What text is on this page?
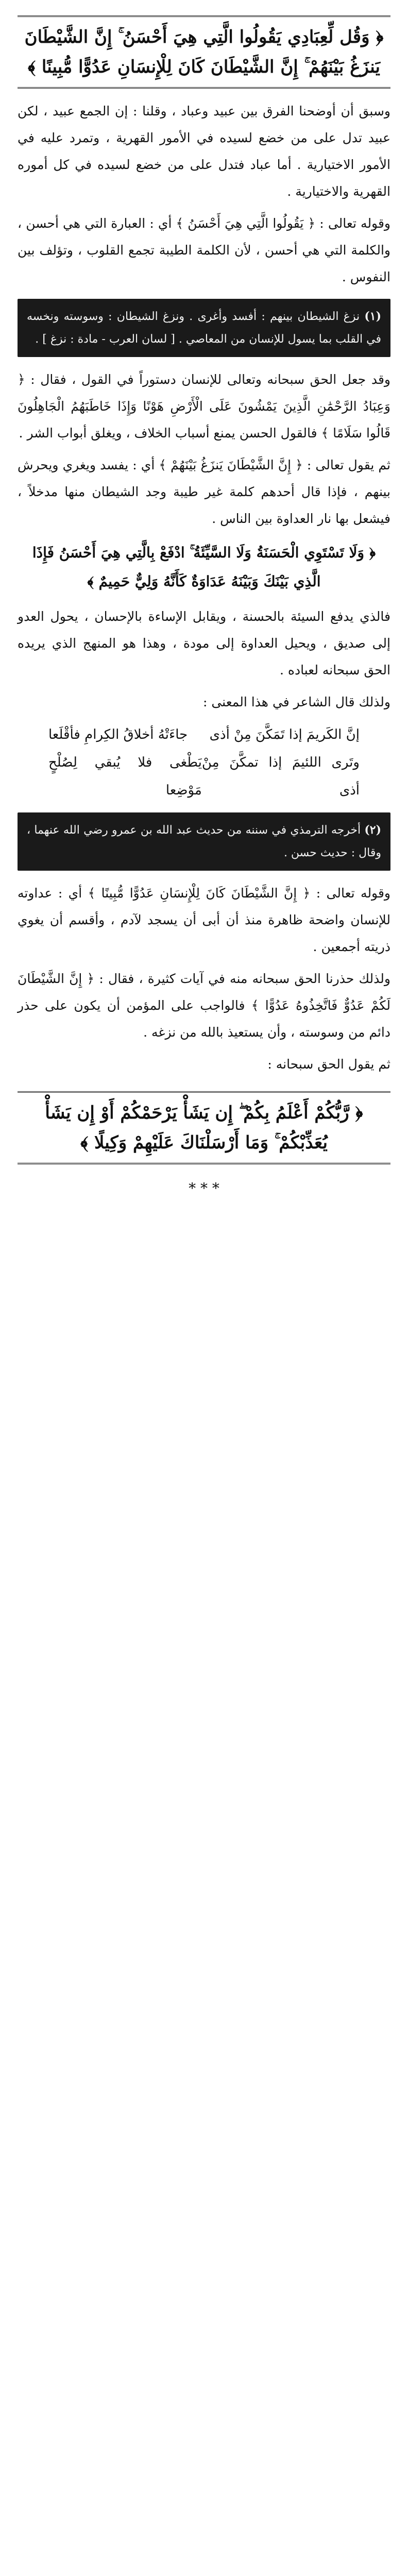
﴿ وَقُل لِّعِبَادِي يَقُولُوا الَّتِي هِيَ أَحْسَنُ ۚ إِنَّ الشَّيْطَانَ يَنزَغُ بَيْنَهُمْ ۚ إِنَّ الشَّيْطَانَ كَانَ لِلْإِنسَانِ عَدُوًّا مُّبِينًا ﴾

وسبق أن أوضحنا الفرق بين عبيد وعباد ، وقلنا : إن الجمع عبيد ، لكن عبيد تدل على من خضع لسيده في الأمور القهرية ، وتمرد عليه في الأمور الاختيارية . أما عباد فتدل على من خضع لسيده في كل أموره القهرية والاختيارية .

وقوله تعالى : ﴿ يَقُولُوا الَّتِي هِيَ أَحْسَنُ ﴾ أي : العبارة التي هي أحسن ، والكلمة التي هي أحسن ، لأن الكلمة الطيبة تجمع القلوب ، وتؤلف بين النفوس .

(١) نزغ الشيطان بينهم : أفسد وأغرى . ونزغ الشيطان : وسوسته ونخسه في القلب بما يسول للإنسان من المعاصي . [ لسان العرب - مادة : نزغ ] .

وقد جعل الحق سبحانه وتعالى للإنسان دستوراً في القول ، فقال : ﴿ وَعِبَادُ الرَّحْمَٰنِ الَّذِينَ يَمْشُونَ عَلَى الْأَرْضِ هَوْنًا وَإِذَا خَاطَبَهُمُ الْجَاهِلُونَ قَالُوا سَلَامًا ﴾ فالقول الحسن يمنع أسباب الخلاف ، ويغلق أبواب الشر .

ثم يقول تعالى : ﴿ إِنَّ الشَّيْطَانَ يَنزَغُ بَيْنَهُمْ ﴾ أي : يفسد ويغري ويحرش بينهم ، فإذا قال أحدهم كلمة غير طيبة وجد الشيطان منها مدخلاً ، فيشعل بها نار العداوة بين الناس .

﴿ وَلَا تَسْتَوِي الْحَسَنَةُ وَلَا السَّيِّئَةُ ۚ ادْفَعْ بِالَّتِي هِيَ أَحْسَنُ فَإِذَا الَّذِي بَيْنَكَ وَبَيْنَهُ عَدَاوَةٌ كَأَنَّهُ وَلِيٌّ حَمِيمٌ ﴾

فالذي يدفع السيئة بالحسنة ، ويقابل الإساءة بالإحسان ، يحول العدو إلى صديق ، ويحيل العداوة إلى مودة ، وهذا هو المنهج الذي يريده الحق سبحانه لعباده .

ولذلك قال الشاعر في هذا المعنى :

إنَّ الكَريمَ إذا تَمَكَّنَ مِنْ أذى
جاءَتْهُ أخلاقُ الكِرامِ فأقْلَعا
وتَرى اللئيمَ إذا تمكَّنَ مِنْ أذى
يَطْغى فلا يُبقي لِصُلْحٍ مَوْضِعا
(٢) أخرجه الترمذي في سننه من حديث عبد الله بن عمرو رضي الله عنهما ، وقال : حديث حسن .

وقوله تعالى : ﴿ إِنَّ الشَّيْطَانَ كَانَ لِلْإِنسَانِ عَدُوًّا مُّبِينًا ﴾ أي : عداوته للإنسان واضحة ظاهرة منذ أن أبى أن يسجد لآدم ، وأقسم أن يغوي ذريته أجمعين .

ولذلك حذرنا الحق سبحانه منه في آيات كثيرة ، فقال : ﴿ إِنَّ الشَّيْطَانَ لَكُمْ عَدُوٌّ فَاتَّخِذُوهُ عَدُوًّا ﴾ فالواجب على المؤمن أن يكون على حذر دائم من وسوسته ، وأن يستعيذ بالله من نزغه .

ثم يقول الحق سبحانه :

﴿ رَّبُّكُمْ أَعْلَمُ بِكُمْ ۖ إِن يَشَأْ يَرْحَمْكُمْ أَوْ إِن يَشَأْ يُعَذِّبْكُمْ ۚ وَمَا أَرْسَلْنَاكَ عَلَيْهِمْ وَكِيلًا ﴾
* * *
